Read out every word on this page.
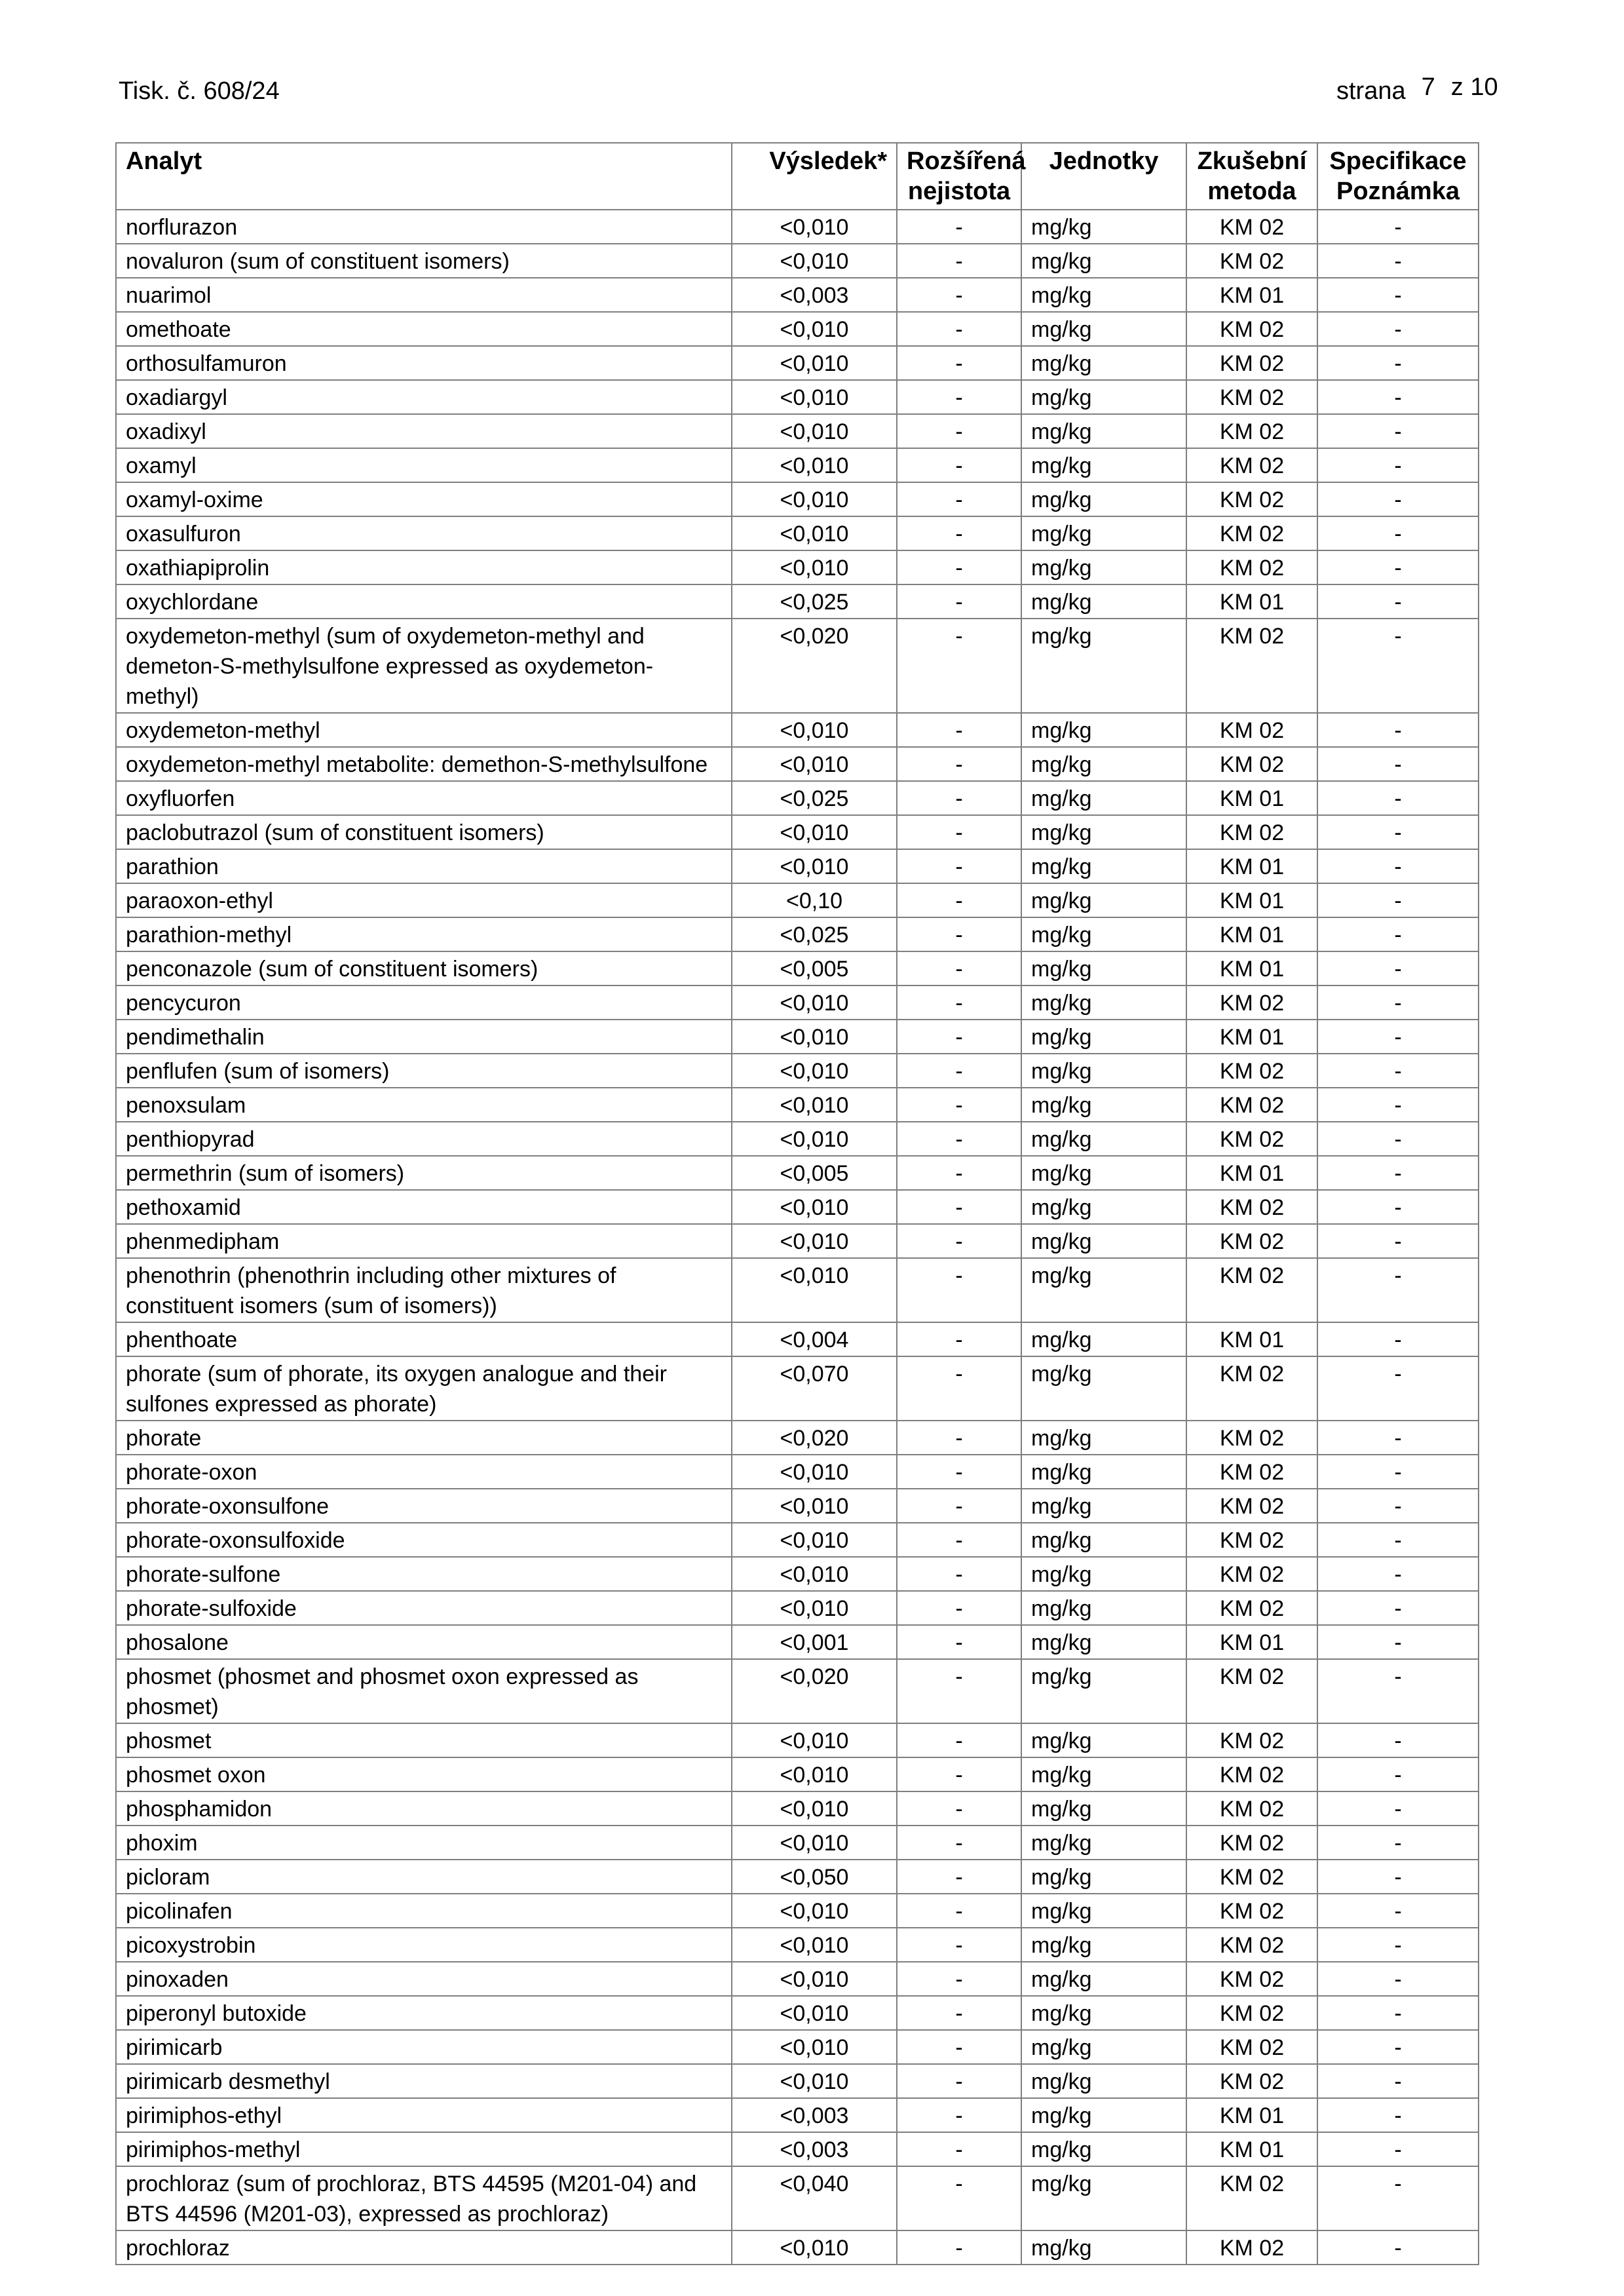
Tisk. č. 608/24	strana 7 z 10
Analyt	Výsledek*	Rozšířená nejistota	Jednotky	Zkušební metoda	Specifikace Poznámka
norflurazon	<0,010	-	mg/kg	KM 02	-
novaluron (sum of constituent isomers)	<0,010	-	mg/kg	KM 02	-
nuarimol	<0,003	-	mg/kg	KM 01	-
omethoate	<0,010	-	mg/kg	KM 02	-
orthosulfamuron	<0,010	-	mg/kg	KM 02	-
oxadiargyl	<0,010	-	mg/kg	KM 02	-
oxadixyl	<0,010	-	mg/kg	KM 02	-
oxamyl	<0,010	-	mg/kg	KM 02	-
oxamyl-oxime	<0,010	-	mg/kg	KM 02	-
oxasulfuron	<0,010	-	mg/kg	KM 02	-
oxathiapiprolin	<0,010	-	mg/kg	KM 02	-
oxychlordane	<0,025	-	mg/kg	KM 01	-
oxydemeton-methyl (sum of oxydemeton-methyl and demeton-S-methylsulfone expressed as oxydemeton-methyl)	<0,020	-	mg/kg	KM 02	-
oxydemeton-methyl	<0,010	-	mg/kg	KM 02	-
oxydemeton-methyl metabolite: demethon-S-methylsulfone	<0,010	-	mg/kg	KM 02	-
oxyfluorfen	<0,025	-	mg/kg	KM 01	-
paclobutrazol (sum of constituent isomers)	<0,010	-	mg/kg	KM 02	-
parathion	<0,010	-	mg/kg	KM 01	-
paraoxon-ethyl	<0,10	-	mg/kg	KM 01	-
parathion-methyl	<0,025	-	mg/kg	KM 01	-
penconazole (sum of constituent isomers)	<0,005	-	mg/kg	KM 01	-
pencycuron	<0,010	-	mg/kg	KM 02	-
pendimethalin	<0,010	-	mg/kg	KM 01	-
penflufen (sum of isomers)	<0,010	-	mg/kg	KM 02	-
penoxsulam	<0,010	-	mg/kg	KM 02	-
penthiopyrad	<0,010	-	mg/kg	KM 02	-
permethrin (sum of isomers)	<0,005	-	mg/kg	KM 01	-
pethoxamid	<0,010	-	mg/kg	KM 02	-
phenmedipham	<0,010	-	mg/kg	KM 02	-
phenothrin (phenothrin including other mixtures of constituent isomers (sum of isomers))	<0,010	-	mg/kg	KM 02	-
phenthoate	<0,004	-	mg/kg	KM 01	-
phorate (sum of phorate, its oxygen analogue and their sulfones expressed as phorate)	<0,070	-	mg/kg	KM 02	-
phorate	<0,020	-	mg/kg	KM 02	-
phorate-oxon	<0,010	-	mg/kg	KM 02	-
phorate-oxonsulfone	<0,010	-	mg/kg	KM 02	-
phorate-oxonsulfoxide	<0,010	-	mg/kg	KM 02	-
phorate-sulfone	<0,010	-	mg/kg	KM 02	-
phorate-sulfoxide	<0,010	-	mg/kg	KM 02	-
phosalone	<0,001	-	mg/kg	KM 01	-
phosmet (phosmet and phosmet oxon expressed as phosmet)	<0,020	-	mg/kg	KM 02	-
phosmet	<0,010	-	mg/kg	KM 02	-
phosmet oxon	<0,010	-	mg/kg	KM 02	-
phosphamidon	<0,010	-	mg/kg	KM 02	-
phoxim	<0,010	-	mg/kg	KM 02	-
picloram	<0,050	-	mg/kg	KM 02	-
picolinafen	<0,010	-	mg/kg	KM 02	-
picoxystrobin	<0,010	-	mg/kg	KM 02	-
pinoxaden	<0,010	-	mg/kg	KM 02	-
piperonyl butoxide	<0,010	-	mg/kg	KM 02	-
pirimicarb	<0,010	-	mg/kg	KM 02	-
pirimicarb desmethyl	<0,010	-	mg/kg	KM 02	-
pirimiphos-ethyl	<0,003	-	mg/kg	KM 01	-
pirimiphos-methyl	<0,003	-	mg/kg	KM 01	-
prochloraz (sum of prochloraz, BTS 44595 (M201-04) and BTS 44596 (M201-03), expressed as prochloraz)	<0,040	-	mg/kg	KM 02	-
prochloraz	<0,010	-	mg/kg	KM 02	-
